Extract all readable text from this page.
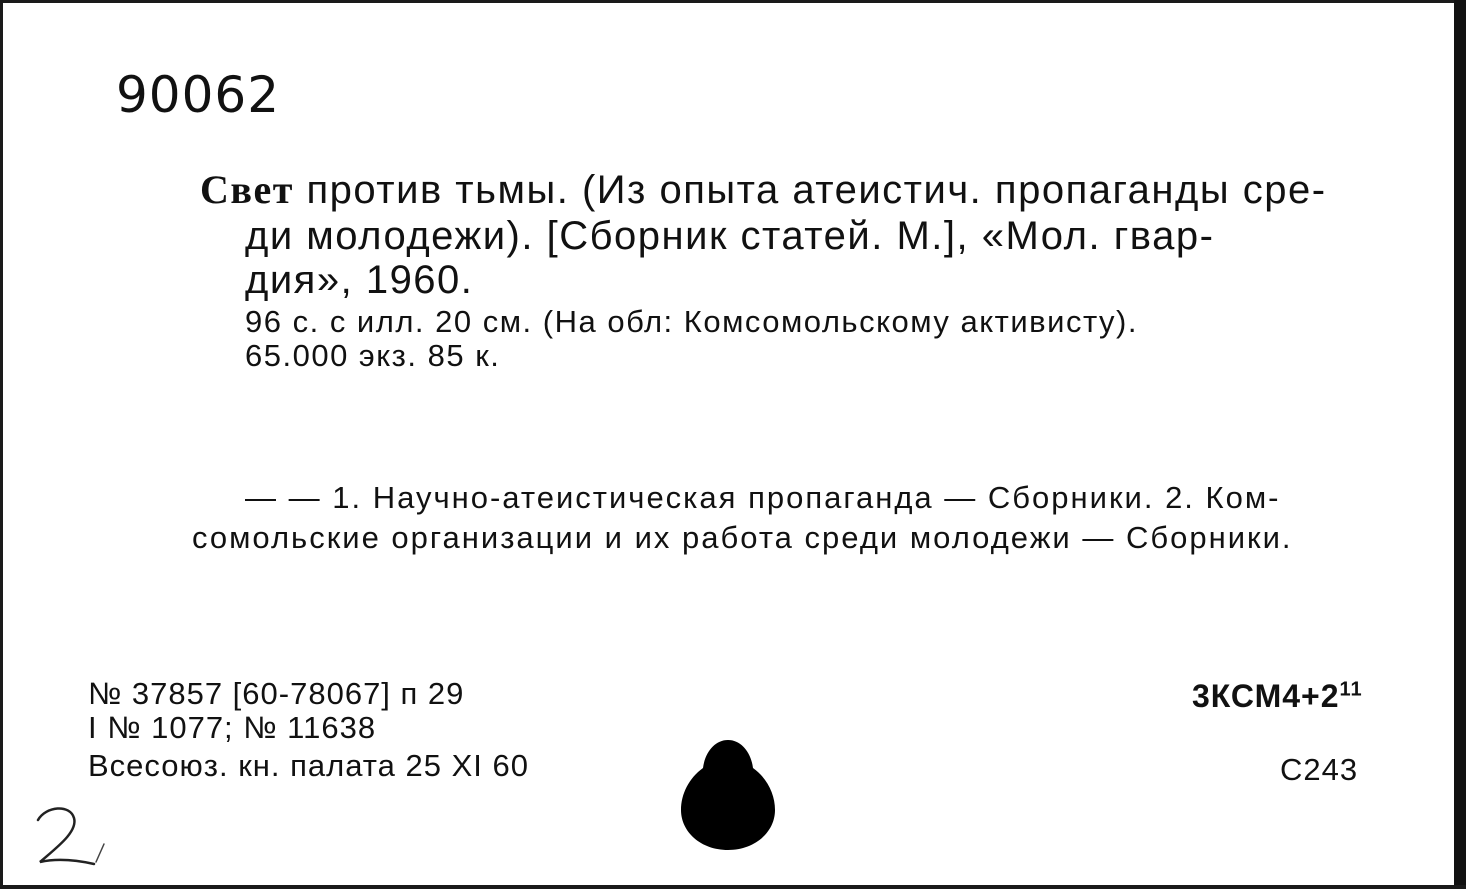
90062
Свет против тьмы. (Из опыта атеистич. пропаганды сре-
ди молодежи). [Сборник статей. М.], «Мол. гвар-
дия», 1960.
96 с. с илл. 20 см. (На обл: Комсомольскому активисту).
65.000 экз. 85 к.
— — 1. Научно-атеистическая пропаганда — Сборники. 2. Ком-
сомольские организации и их работа среди молодежи — Сборники.
№ 37857 [60-78067] п 29
I № 1077; № 11638
Всесоюз. кн. палата 25 XI 60
$3КСМ4+2^{11}$
С243
